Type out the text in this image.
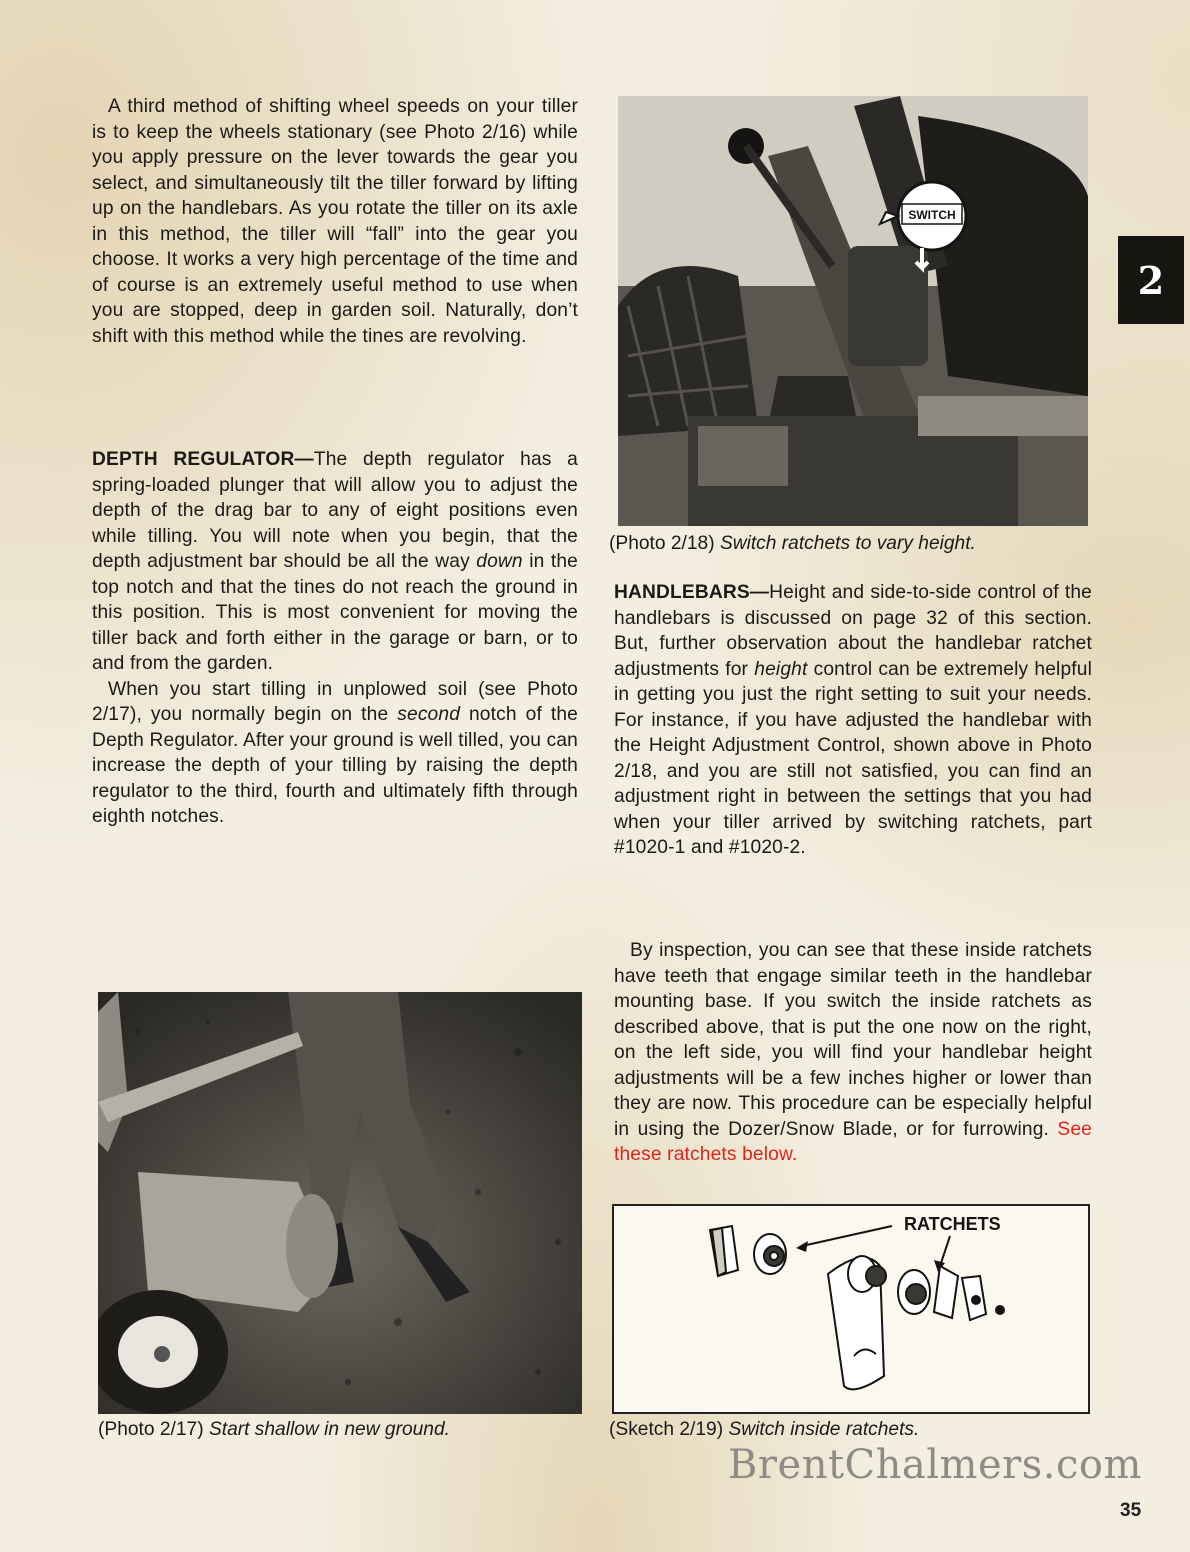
A third method of shifting wheel speeds on your tiller is to keep the wheels stationary (see Photo 2/16) while you apply pressure on the lever towards the gear you select, and simultaneously tilt the tiller forward by lifting up on the handlebars. As you rotate the tiller on its axle in this method, the tiller will “fall” into the gear you choose. It works a very high percentage of the time and of course is an extremely useful method to use when you are stopped, deep in garden soil. Naturally, don’t shift with this method while the tines are revolving.

DEPTH REGULATOR—The depth regulator has a spring-loaded plunger that will allow you to adjust the depth of the drag bar to any of eight positions even while tilling. You will note when you begin, that the depth adjustment bar should be all the way down in the top notch and that the tines do not reach the ground in this position. This is most convenient for moving the tiller back and forth either in the garage or barn, or to and from the garden.

When you start tilling in unplowed soil (see Photo 2/17), you normally begin on the second notch of the Depth Regulator. After your ground is well tilled, you can increase the depth of your tilling by raising the depth regulator to the third, fourth and ultimately fifth through eighth notches.

(Photo 2/17) Start shallow in new ground.
SWITCH
(Photo 2/18) Switch ratchets to vary height.

HANDLEBARS—Height and side-to-side control of the handlebars is discussed on page 32 of this section. But, further observation about the handlebar ratchet adjustments for height control can be extremely helpful in getting you just the right setting to suit your needs. For instance, if you have adjusted the handlebar with the Height Adjustment Control, shown above in Photo 2/18, and you are still not satisfied, you can find an adjustment right in between the settings that you had when your tiller arrived by switching ratchets, part #1020-1 and #1020-2.

By inspection, you can see that these inside ratchets have teeth that engage similar teeth in the handlebar mounting base. If you switch the inside ratchets as described above, that is put the one now on the right, on the left side, you will find your handlebar height adjustments will be a few inches higher or lower than they are now. This procedure can be especially helpful in using the Dozer/Snow Blade, or for furrowing. See these ratchets below.

RATCHETS
(Sketch 2/19) Switch inside ratchets.
2
BrentChalmers.com
35
